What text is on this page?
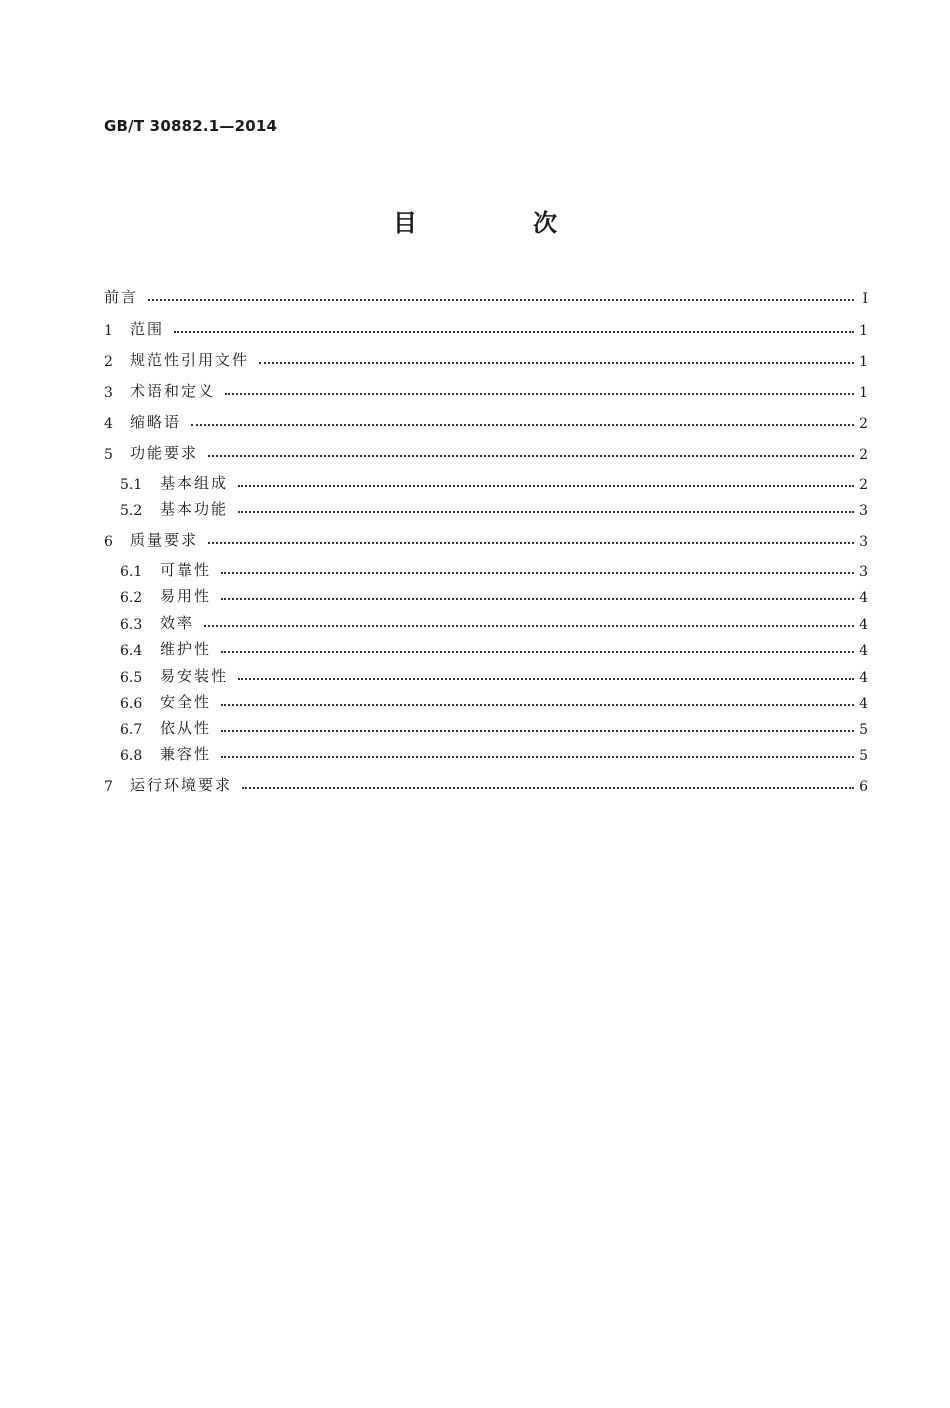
GB/T 30882.1—2014
目　次
前言	Ⅰ
1	范围	1
2	规范性引用文件	1
3	术语和定义	1
4	缩略语	2
5	功能要求	2
5.1	基本组成	2
5.2	基本功能	3
6	质量要求	3
6.1	可靠性	3
6.2	易用性	4
6.3	效率	4
6.4	维护性	4
6.5	易安装性	4
6.6	安全性	4
6.7	依从性	5
6.8	兼容性	5
7	运行环境要求	6
